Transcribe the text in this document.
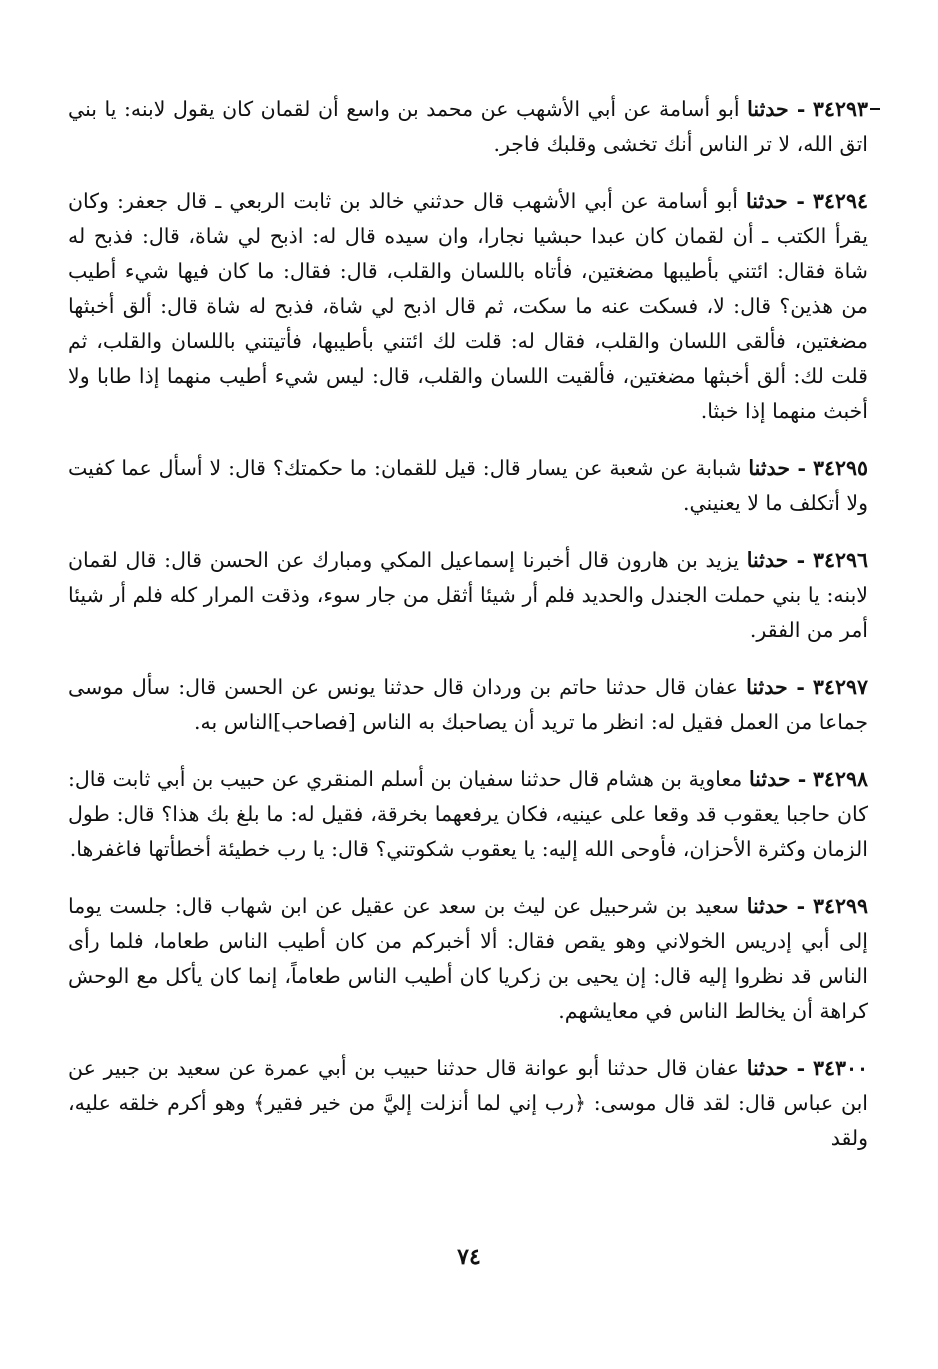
٣٤٢٩٣ - حدثنا أبو أسامة عن أبي الأشهب عن محمد بن واسع أن لقمان كان يقول لابنه: يا بني اتق الله، لا تر الناس أنك تخشى وقلبك فاجر.

٣٤٢٩٤ - حدثنا أبو أسامة عن أبي الأشهب قال حدثني خالد بن ثابت الربعي ـ قال جعفر: وكان يقرأ الكتب ـ أن لقمان كان عبدا حبشيا نجارا، وان سيده قال له: اذبح لي شاة، قال: فذبح له شاة فقال: ائتني بأطيبها مضغتين، فأتاه باللسان والقلب، قال: فقال: ما كان فيها شيء أطيب من هذين؟ قال: لا، فسكت عنه ما سكت، ثم قال اذبح لي شاة، فذبح له شاة قال: ألق أخبثها مضغتين، فألقى اللسان والقلب، فقال له: قلت لك ائتني بأطيبها، فأتيتني باللسان والقلب، ثم قلت لك: ألق أخبثها مضغتين، فألقيت اللسان والقلب، قال: ليس شيء أطيب منهما إذا طابا ولا أخبث منهما إذا خبثا.

٣٤٢٩٥ - حدثنا شبابة عن شعبة عن يسار قال: قيل للقمان: ما حكمتك؟ قال: لا أسأل عما كفيت ولا أتكلف ما لا يعنيني.

٣٤٢٩٦ - حدثنا يزيد بن هارون قال أخبرنا إسماعيل المكي ومبارك عن الحسن قال: قال لقمان لابنه: يا بني حملت الجندل والحديد فلم أر شيئا أثقل من جار سوء، وذقت المرار كله فلم أر شيئا أمر من الفقر.

٣٤٢٩٧ - حدثنا عفان قال حدثنا حاتم بن وردان قال حدثنا يونس عن الحسن قال: سأل موسى جماعا من العمل فقيل له: انظر ما تريد أن يصاحبك به الناس [فصاحب]الناس به.

٣٤٢٩٨ - حدثنا معاوية بن هشام قال حدثنا سفيان بن أسلم المنقري عن حبيب بن أبي ثابت قال: كان حاجبا يعقوب قد وقعا على عينيه، فكان يرفعهما بخرقة، فقيل له: ما بلغ بك هذا؟ قال: طول الزمان وكثرة الأحزان، فأوحى الله إليه: يا يعقوب شكوتني؟ قال: يا رب خطيئة أخطأتها فاغفرها.

٣٤٢٩٩ - حدثنا سعيد بن شرحبيل عن ليث بن سعد عن عقيل عن ابن شهاب قال: جلست يوما إلى أبي إدريس الخولاني وهو يقص فقال: ألا أخبركم من كان أطيب الناس طعاما، فلما رأى الناس قد نظروا إليه قال: إن يحيى بن زكريا كان أطيب الناس طعاماً، إنما كان يأكل مع الوحش كراهة أن يخالط الناس في معايشهم.

٣٤٣٠٠ - حدثنا عفان قال حدثنا أبو عوانة قال حدثنا حبيب بن أبي عمرة عن سعيد بن جبير عن ابن عباس قال: لقد قال موسى: ﴿رب إني لما أنزلت إليَّ من خير فقير﴾ وهو أكرم خلقه عليه، ولقد

٧٤
